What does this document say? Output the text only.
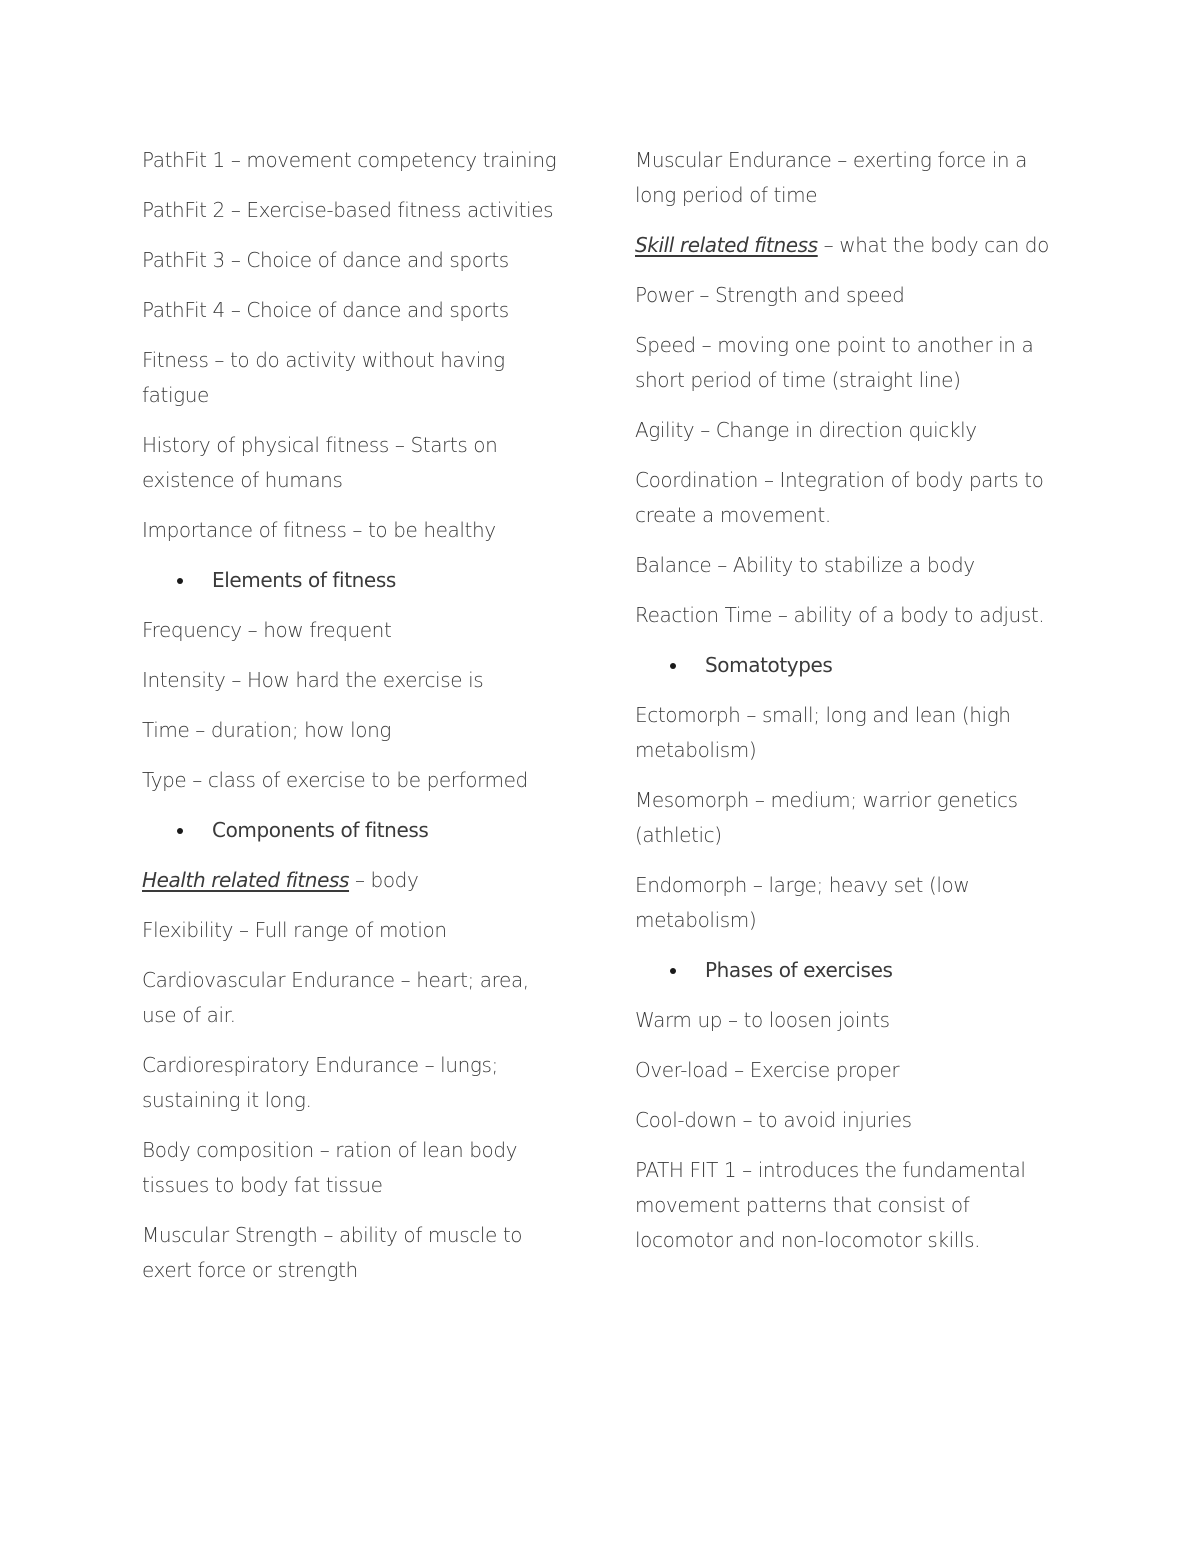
PathFit 1 – movement competency training

PathFit 2 – Exercise-based fitness activities

PathFit 3 – Choice of dance and sports

PathFit 4 – Choice of dance and sports

Fitness – to do activity without having fatigue

History of physical fitness – Starts on existence of humans

Importance of fitness – to be healthy

Elements of fitness

Frequency – how frequent

Intensity – How hard the exercise is

Time – duration; how long

Type – class of exercise to be performed

Components of fitness

Health related fitness – body

Flexibility – Full range of motion

Cardiovascular Endurance – heart; area, use of air.

Cardiorespiratory Endurance – lungs; sustaining it long.

Body composition – ration of lean body tissues to body fat tissue

Muscular Strength – ability of muscle to exert force or strength

Muscular Endurance – exerting force in a long period of time

Skill related fitness – what the body can do

Power – Strength and speed

Speed – moving one point to another in a short period of time (straight line)

Agility – Change in direction quickly

Coordination – Integration of body parts to create a movement.

Balance – Ability to stabilize a body

Reaction Time – ability of a body to adjust.

Somatotypes

Ectomorph – small; long and lean (high metabolism)

Mesomorph – medium; warrior genetics (athletic)

Endomorph – large; heavy set (low metabolism)

Phases of exercises

Warm up – to loosen joints

Over-load – Exercise proper

Cool-down – to avoid injuries

PATH FIT 1 – introduces the fundamental movement patterns that consist of locomotor and non-locomotor skills.
